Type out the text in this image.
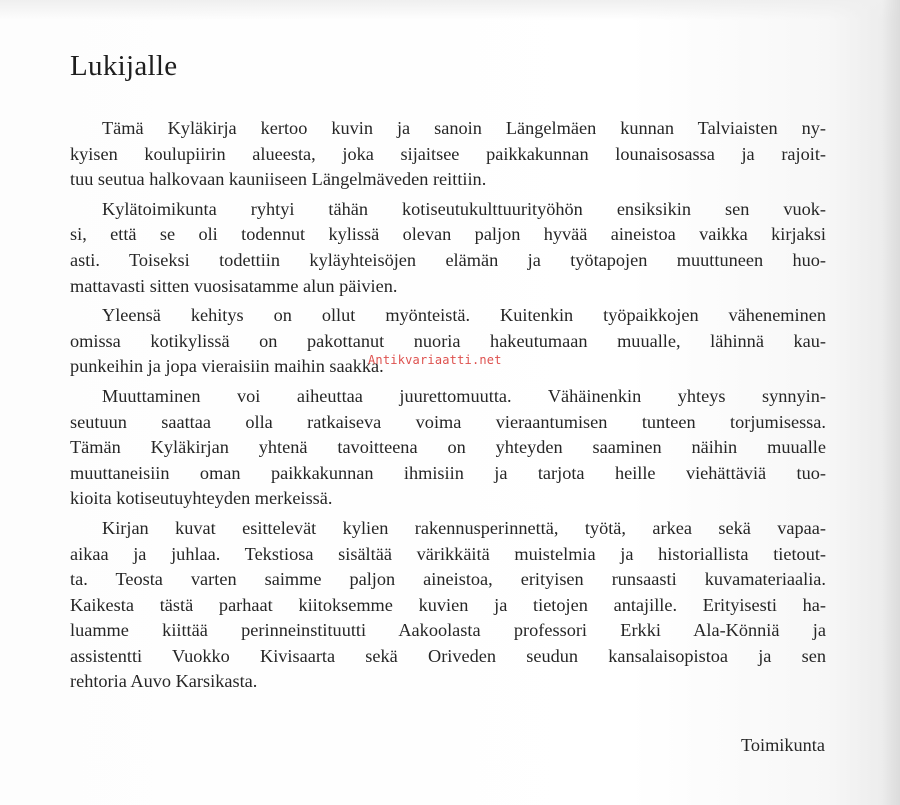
Lukijalle
Tämä Kyläkirja kertoo kuvin ja sanoin Längelmäen kunnan Talviaisten ny-
kyisen koulupiirin alueesta, joka sijaitsee paikkakunnan lounaisosassa ja rajoit-
tuu seutua halkovaan kauniiseen Längelmäveden reittiin.
Kylätoimikunta ryhtyi tähän kotiseutukulttuurityöhön ensiksikin sen vuok-
si, että se oli todennut kylissä olevan paljon hyvää aineistoa vaikka kirjaksi
asti. Toiseksi todettiin kyläyhteisöjen elämän ja työtapojen muuttuneen huo-
mattavasti sitten vuosisatamme alun päivien.
Yleensä kehitys on ollut myönteistä. Kuitenkin työpaikkojen väheneminen
omissa kotikylissä on pakottanut nuoria hakeutumaan muualle, lähinnä kau-
punkeihin ja jopa vieraisiin maihin saakka.
Muuttaminen voi aiheuttaa juurettomuutta. Vähäinenkin yhteys synnyin-
seutuun saattaa olla ratkaiseva voima vieraantumisen tunteen torjumisessa.
Tämän Kyläkirjan yhtenä tavoitteena on yhteyden saaminen näihin muualle
muuttaneisiin oman paikkakunnan ihmisiin ja tarjota heille viehättäviä tuo-
kioita kotiseutuyhteyden merkeissä.
Kirjan kuvat esittelevät kylien rakennusperinnettä, työtä, arkea sekä vapaa-
aikaa ja juhlaa. Tekstiosa sisältää värikkäitä muistelmia ja historiallista tietout-
ta. Teosta varten saimme paljon aineistoa, erityisen runsaasti kuvamateriaalia.
Kaikesta tästä parhaat kiitoksemme kuvien ja tietojen antajille. Erityisesti ha-
luamme kiittää perinneinstituutti Aakoolasta professori Erkki Ala-Könniä ja
assistentti Vuokko Kivisaarta sekä Oriveden seudun kansalaisopistoa ja sen
rehtoria Auvo Karsikasta.
Antikvariaatti.net
Toimikunta
